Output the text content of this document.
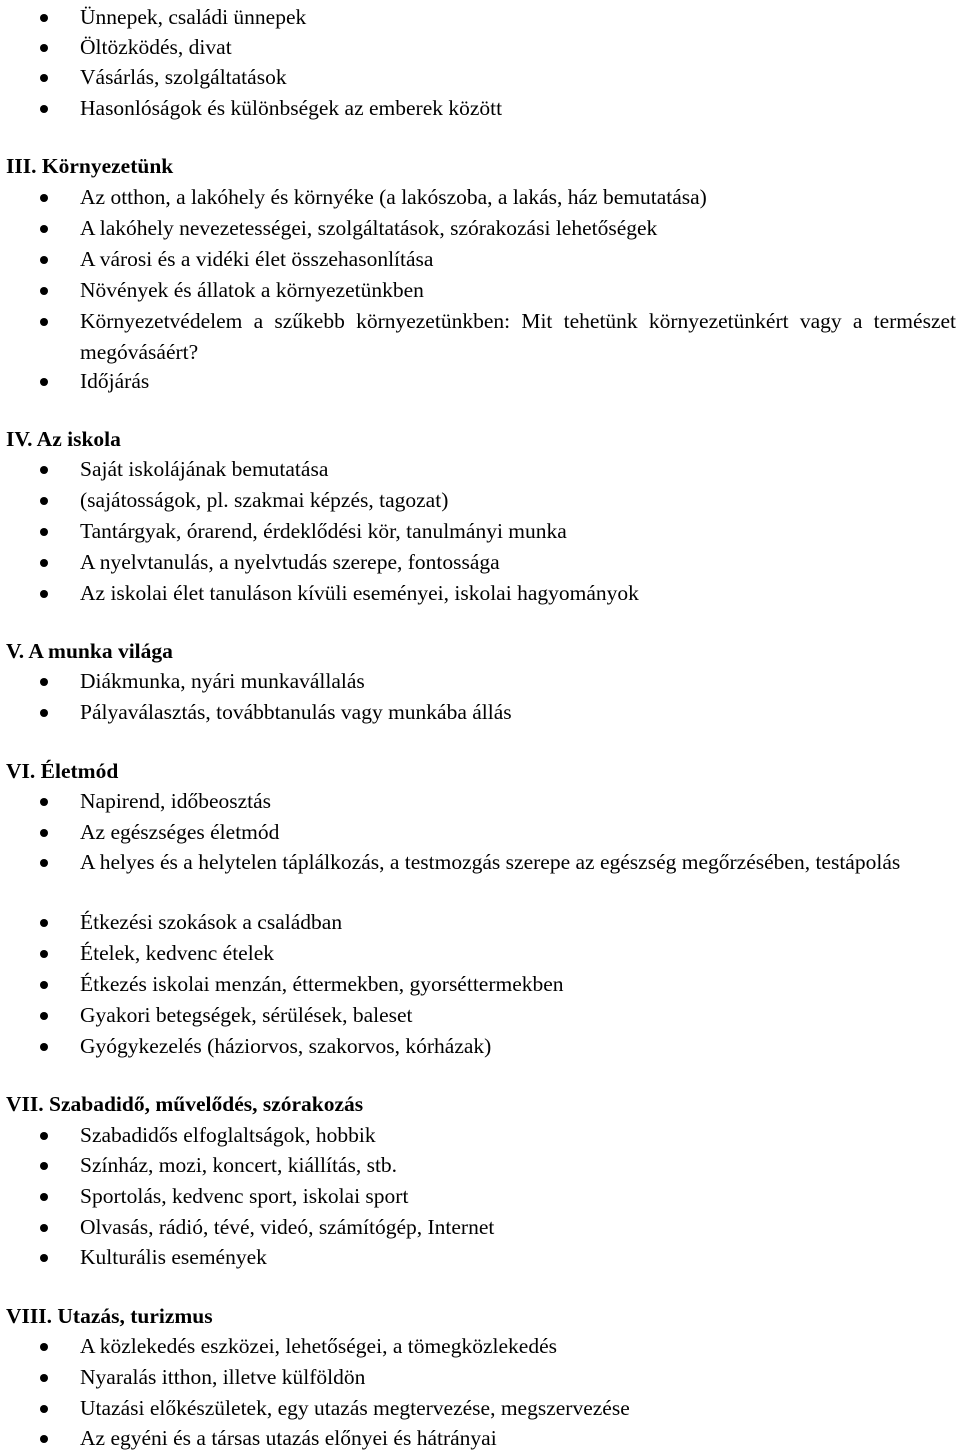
Ünnepek, családi ünnepek
Öltözködés, divat
Vásárlás, szolgáltatások
Hasonlóságok és különbségek az emberek között
III. Környezetünk
Az otthon, a lakóhely és környéke (a lakószoba, a lakás, ház bemutatása)
A lakóhely nevezetességei, szolgáltatások, szórakozási lehetőségek
A városi és a vidéki élet összehasonlítása
Növények és állatok a környezetünkben
Környezetvédelem a szűkebb környezetünkben: Mit tehetünk környezetünkért vagy a természet megóvásáért?
Időjárás
IV. Az iskola
Saját iskolájának bemutatása
(sajátosságok, pl. szakmai képzés, tagozat)
Tantárgyak, órarend, érdeklődési kör, tanulmányi munka
A nyelvtanulás, a nyelvtudás szerepe, fontossága
Az iskolai élet tanuláson kívüli eseményei, iskolai hagyományok
V. A munka világa
Diákmunka, nyári munkavállalás
Pályaválasztás, továbbtanulás vagy munkába állás
VI. Életmód
Napirend, időbeosztás
Az egészséges életmód
A helyes és a helytelen táplálkozás, a testmozgás szerepe az egészség megőrzésében, testápolás
Étkezési szokások a családban
Ételek, kedvenc ételek
Étkezés iskolai menzán, éttermekben, gyorséttermekben
Gyakori betegségek, sérülések, baleset
Gyógykezelés (háziorvos, szakorvos, kórházak)
VII. Szabadidő, művelődés, szórakozás
Szabadidős elfoglaltságok, hobbik
Színház, mozi, koncert, kiállítás, stb.
Sportolás, kedvenc sport, iskolai sport
Olvasás, rádió, tévé, videó, számítógép, Internet
Kulturális események
VIII. Utazás, turizmus
A közlekedés eszközei, lehetőségei, a tömegközlekedés
Nyaralás itthon, illetve külföldön
Utazási előkészületek, egy utazás megtervezése, megszervezése
Az egyéni és a társas utazás előnyei és hátrányai
